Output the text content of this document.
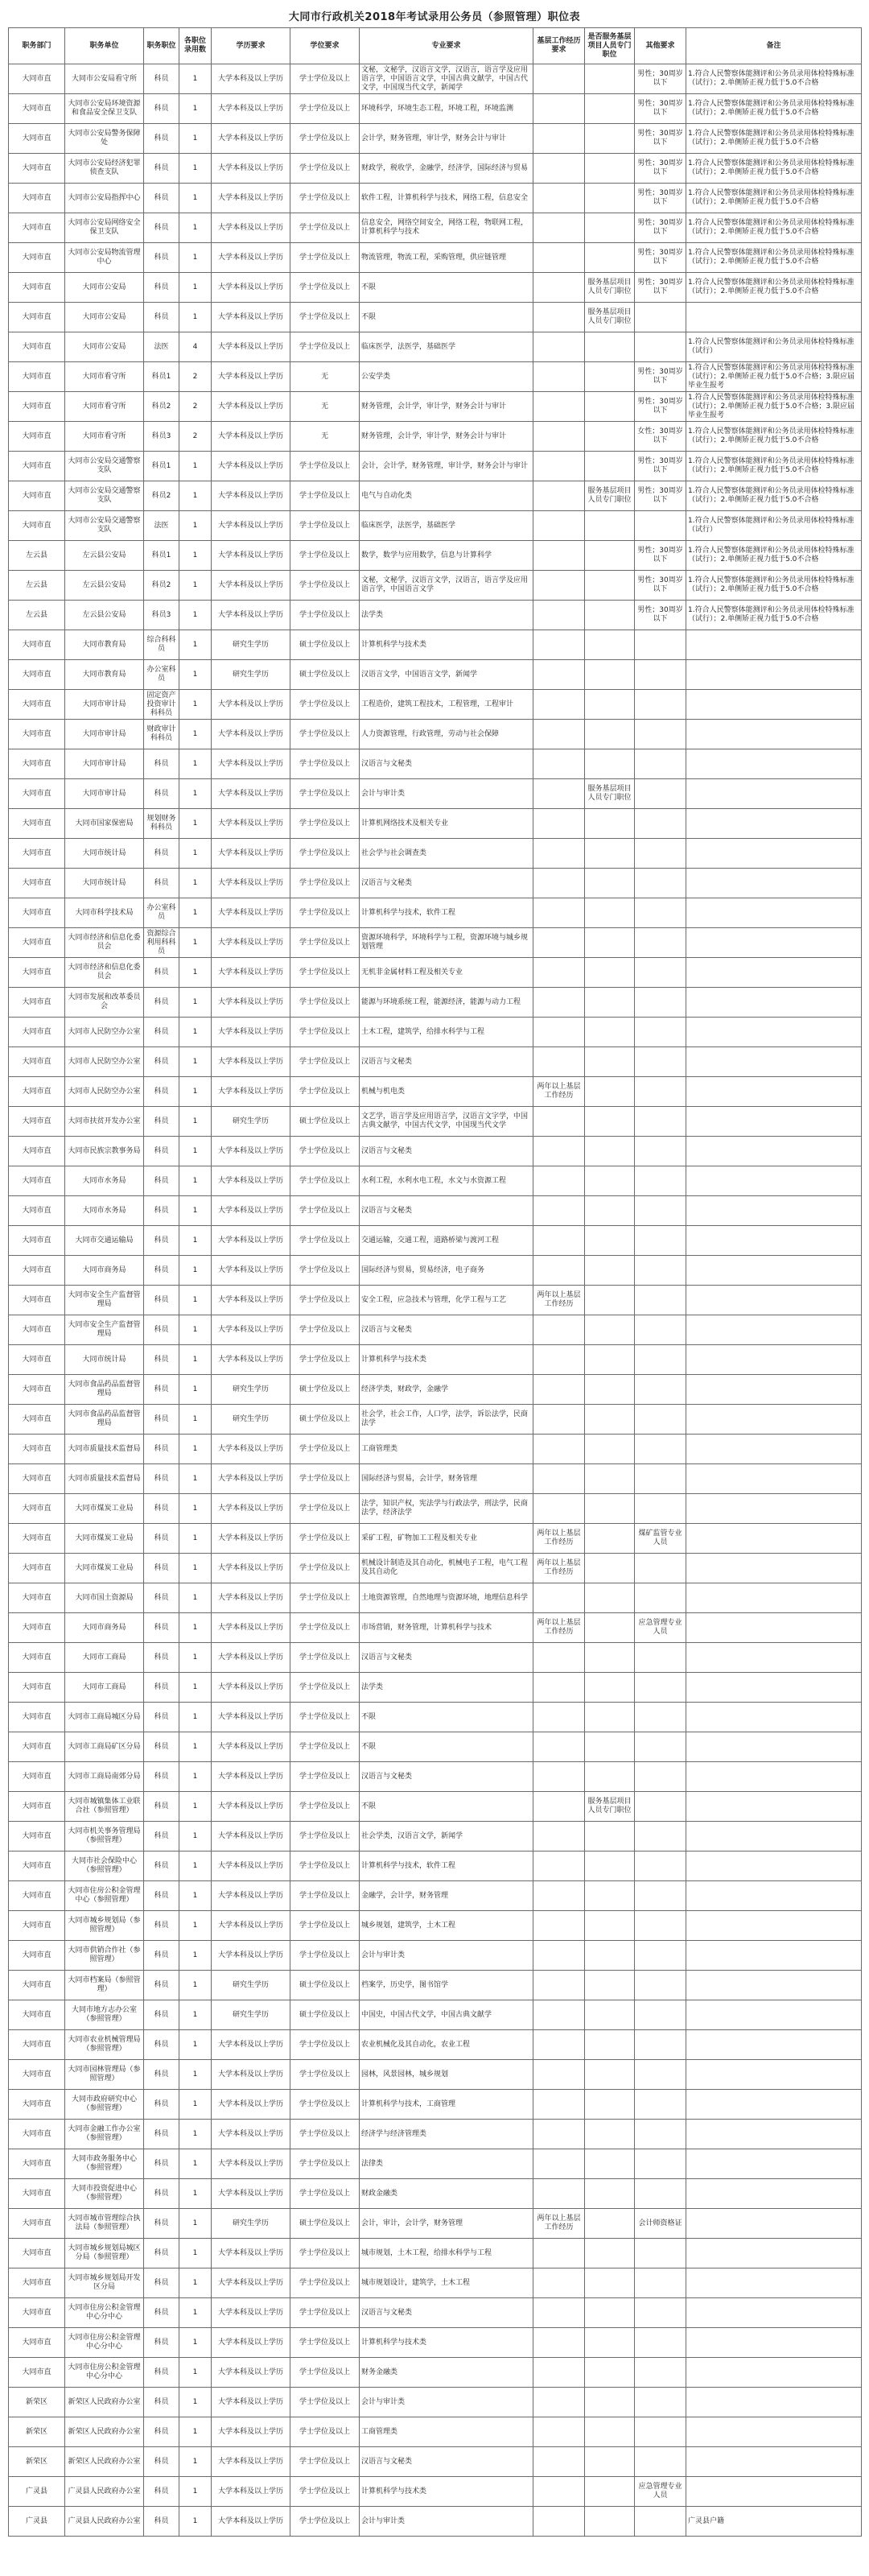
大同市行政机关2018年考试录用公务员（参照管理）职位表
职务部门	职务单位	职务职位	各职位录用数	学历要求	学位要求	专业要求	基层工作经历要求	是否服务基层项目人员专门职位	其他要求	备注
大同市直	大同市公安局看守所	科员	1	大学本科及以上学历	学士学位及以上	文秘，文秘学，汉语言文学，汉语言，语言学及应用语言学，中国语言文学，中国古典文献学，中国古代文学，中国现当代文学，新闻学			男性；30周岁以下	1.符合人民警察体能测评和公务员录用体检特殊标准（试行）；2.单侧矫正视力低于5.0不合格
大同市直	大同市公安局环境资源和食品安全保卫支队	科员	1	大学本科及以上学历	学士学位及以上	环境科学，环境生态工程，环境工程，环境监测			男性；30周岁以下	1.符合人民警察体能测评和公务员录用体检特殊标准（试行）；2.单侧矫正视力低于5.0不合格
大同市直	大同市公安局警务保障处	科员	1	大学本科及以上学历	学士学位及以上	会计学，财务管理，审计学，财务会计与审计			男性；30周岁以下	1.符合人民警察体能测评和公务员录用体检特殊标准（试行）；2.单侧矫正视力低于5.0不合格
大同市直	大同市公安局经济犯罪侦查支队	科员	1	大学本科及以上学历	学士学位及以上	财政学，税收学，金融学，经济学，国际经济与贸易			男性；30周岁以下	1.符合人民警察体能测评和公务员录用体检特殊标准（试行）；2.单侧矫正视力低于5.0不合格
大同市直	大同市公安局指挥中心	科员	1	大学本科及以上学历	学士学位及以上	软件工程，计算机科学与技术，网络工程，信息安全			男性；30周岁以下	1.符合人民警察体能测评和公务员录用体检特殊标准（试行）；2.单侧矫正视力低于5.0不合格
大同市直	大同市公安局网络安全保卫支队	科员	1	大学本科及以上学历	学士学位及以上	信息安全，网络空间安全，网络工程，物联网工程，计算机科学与技术			男性；30周岁以下	1.符合人民警察体能测评和公务员录用体检特殊标准（试行）；2.单侧矫正视力低于5.0不合格
大同市直	大同市公安局物流管理中心	科员	1	大学本科及以上学历	学士学位及以上	物流管理，物流工程，采购管理，供应链管理			男性；30周岁以下	1.符合人民警察体能测评和公务员录用体检特殊标准（试行）；2.单侧矫正视力低于5.0不合格
大同市直	大同市公安局	科员	1	大学本科及以上学历	学士学位及以上	不限		服务基层项目人员专门职位	男性；30周岁以下	1.符合人民警察体能测评和公务员录用体检特殊标准（试行）；2.单侧矫正视力低于5.0不合格
大同市直	大同市公安局	科员	1	大学本科及以上学历	学士学位及以上	不限		服务基层项目人员专门职位		
大同市直	大同市公安局	法医	4	大学本科及以上学历	学士学位及以上	临床医学，法医学，基础医学				1.符合人民警察体能测评和公务员录用体检特殊标准（试行）
大同市直	大同市看守所	科员1	2	大学本科及以上学历	无	公安学类			男性；30周岁以下	1.符合人民警察体能测评和公务员录用体检特殊标准（试行）；2.单侧矫正视力低于5.0不合格；3.限应届毕业生报考
大同市直	大同市看守所	科员2	2	大学本科及以上学历	无	财务管理，会计学，审计学，财务会计与审计			男性；30周岁以下	1.符合人民警察体能测评和公务员录用体检特殊标准（试行）；2.单侧矫正视力低于5.0不合格；3.限应届毕业生报考
大同市直	大同市看守所	科员3	2	大学本科及以上学历	无	财务管理，会计学，审计学，财务会计与审计			女性；30周岁以下	1.符合人民警察体能测评和公务员录用体检特殊标准（试行）；2.单侧矫正视力低于5.0不合格
大同市直	大同市公安局交通警察支队	科员1	1	大学本科及以上学历	学士学位及以上	会计，会计学，财务管理，审计学，财务会计与审计			男性；30周岁以下	1.符合人民警察体能测评和公务员录用体检特殊标准（试行）；2.单侧矫正视力低于5.0不合格
大同市直	大同市公安局交通警察支队	科员2	1	大学本科及以上学历	学士学位及以上	电气与自动化类		服务基层项目人员专门职位	男性；30周岁以下	1.符合人民警察体能测评和公务员录用体检特殊标准（试行）；2.单侧矫正视力低于5.0不合格
大同市直	大同市公安局交通警察支队	法医	1	大学本科及以上学历	学士学位及以上	临床医学，法医学，基础医学				1.符合人民警察体能测评和公务员录用体检特殊标准（试行）
左云县	左云县公安局	科员1	1	大学本科及以上学历	学士学位及以上	数学，数学与应用数学，信息与计算科学			男性；30周岁以下	1.符合人民警察体能测评和公务员录用体检特殊标准（试行）；2.单侧矫正视力低于5.0不合格
左云县	左云县公安局	科员2	1	大学本科及以上学历	学士学位及以上	文秘，文秘学，汉语言文学，汉语言，语言学及应用语言学，中国语言文学			男性；30周岁以下	1.符合人民警察体能测评和公务员录用体检特殊标准（试行）；2.单侧矫正视力低于5.0不合格
左云县	左云县公安局	科员3	1	大学本科及以上学历	学士学位及以上	法学类			男性；30周岁以下	1.符合人民警察体能测评和公务员录用体检特殊标准（试行）；2.单侧矫正视力低于5.0不合格
大同市直	大同市教育局	综合科科员	1	研究生学历	硕士学位及以上	计算机科学与技术类				
大同市直	大同市教育局	办公室科员	1	研究生学历	硕士学位及以上	汉语言文学，中国语言文学，新闻学				
大同市直	大同市审计局	固定资产投资审计科科员	1	大学本科及以上学历	学士学位及以上	工程造价，建筑工程技术，工程管理，工程审计				
大同市直	大同市审计局	财政审计科科员	1	大学本科及以上学历	学士学位及以上	人力资源管理，行政管理，劳动与社会保障				
大同市直	大同市审计局	科员	1	大学本科及以上学历	学士学位及以上	汉语言与文秘类				
大同市直	大同市审计局	科员	1	大学本科及以上学历	学士学位及以上	会计与审计类		服务基层项目人员专门职位		
大同市直	大同市国家保密局	规划财务科科员	1	大学本科及以上学历	学士学位及以上	计算机网络技术及相关专业				
大同市直	大同市统计局	科员	1	大学本科及以上学历	学士学位及以上	社会学与社会调查类				
大同市直	大同市统计局	科员	1	大学本科及以上学历	学士学位及以上	汉语言与文秘类				
大同市直	大同市科学技术局	办公室科员	1	大学本科及以上学历	学士学位及以上	计算机科学与技术，软件工程				
大同市直	大同市经济和信息化委员会	资源综合利用科科员	1	大学本科及以上学历	学士学位及以上	资源环境科学，环境科学与工程，资源环境与城乡规划管理				
大同市直	大同市经济和信息化委员会	科员	1	大学本科及以上学历	学士学位及以上	无机非金属材料工程及相关专业				
大同市直	大同市发展和改革委员会	科员	1	大学本科及以上学历	学士学位及以上	能源与环境系统工程，能源经济，能源与动力工程				
大同市直	大同市人民防空办公室	科员	1	大学本科及以上学历	学士学位及以上	土木工程，建筑学，给排水科学与工程				
大同市直	大同市人民防空办公室	科员	1	大学本科及以上学历	学士学位及以上	汉语言与文秘类				
大同市直	大同市人民防空办公室	科员	1	大学本科及以上学历	学士学位及以上	机械与机电类	两年以上基层工作经历			
大同市直	大同市扶贫开发办公室	科员	1	研究生学历	硕士学位及以上	文艺学，语言学及应用语言学，汉语言文字学，中国古典文献学，中国古代文学，中国现当代文学				
大同市直	大同市民族宗教事务局	科员	1	大学本科及以上学历	学士学位及以上	汉语言与文秘类				
大同市直	大同市水务局	科员	1	大学本科及以上学历	学士学位及以上	水利工程，水利水电工程，水文与水资源工程				
大同市直	大同市水务局	科员	1	大学本科及以上学历	学士学位及以上	汉语言与文秘类				
大同市直	大同市交通运输局	科员	1	大学本科及以上学历	学士学位及以上	交通运输，交通工程，道路桥梁与渡河工程				
大同市直	大同市商务局	科员	1	大学本科及以上学历	学士学位及以上	国际经济与贸易，贸易经济，电子商务				
大同市直	大同市安全生产监督管理局	科员	1	大学本科及以上学历	学士学位及以上	安全工程，应急技术与管理，化学工程与工艺	两年以上基层工作经历			
大同市直	大同市安全生产监督管理局	科员	1	大学本科及以上学历	学士学位及以上	汉语言与文秘类				
大同市直	大同市统计局	科员	1	大学本科及以上学历	学士学位及以上	计算机科学与技术类				
大同市直	大同市食品药品监督管理局	科员	1	研究生学历	硕士学位及以上	经济学类，财政学，金融学				
大同市直	大同市食品药品监督管理局	科员	1	研究生学历	硕士学位及以上	社会学，社会工作，人口学，法学，诉讼法学，民商法学				
大同市直	大同市质量技术监督局	科员	1	大学本科及以上学历	学士学位及以上	工商管理类				
大同市直	大同市质量技术监督局	科员	1	大学本科及以上学历	学士学位及以上	国际经济与贸易，会计学，财务管理				
大同市直	大同市煤炭工业局	科员	1	大学本科及以上学历	学士学位及以上	法学，知识产权，宪法学与行政法学，刑法学，民商法学，经济法学				
大同市直	大同市煤炭工业局	科员	1	大学本科及以上学历	学士学位及以上	采矿工程，矿物加工工程及相关专业	两年以上基层工作经历		煤矿监管专业人员	
大同市直	大同市煤炭工业局	科员	1	大学本科及以上学历	学士学位及以上	机械设计制造及其自动化，机械电子工程，电气工程及其自动化	两年以上基层工作经历			
大同市直	大同市国土资源局	科员	1	大学本科及以上学历	学士学位及以上	土地资源管理，自然地理与资源环境，地理信息科学				
大同市直	大同市商务局	科员	1	大学本科及以上学历	学士学位及以上	市场营销，财务管理，计算机科学与技术	两年以上基层工作经历		应急管理专业人员	
大同市直	大同市工商局	科员	1	大学本科及以上学历	学士学位及以上	汉语言与文秘类				
大同市直	大同市工商局	科员	1	大学本科及以上学历	学士学位及以上	法学类				
大同市直	大同市工商局城区分局	科员	1	大学本科及以上学历	学士学位及以上	不限				
大同市直	大同市工商局矿区分局	科员	1	大学本科及以上学历	学士学位及以上	不限				
大同市直	大同市工商局南郊分局	科员	1	大学本科及以上学历	学士学位及以上	汉语言与文秘类				
大同市直	大同市城镇集体工业联合社（参照管理）	科员	1	大学本科及以上学历	学士学位及以上	不限		服务基层项目人员专门职位		
大同市直	大同市机关事务管理局（参照管理）	科员	1	大学本科及以上学历	学士学位及以上	社会学类，汉语言文学，新闻学				
大同市直	大同市社会保险中心（参照管理）	科员	1	大学本科及以上学历	学士学位及以上	计算机科学与技术，软件工程				
大同市直	大同市住房公积金管理中心（参照管理）	科员	1	大学本科及以上学历	学士学位及以上	金融学，会计学，财务管理				
大同市直	大同市城乡规划局（参照管理）	科员	1	大学本科及以上学历	学士学位及以上	城乡规划，建筑学，土木工程				
大同市直	大同市供销合作社（参照管理）	科员	1	大学本科及以上学历	学士学位及以上	会计与审计类				
大同市直	大同市档案局（参照管理）	科员	1	研究生学历	硕士学位及以上	档案学，历史学，图书馆学				
大同市直	大同市地方志办公室（参照管理）	科员	1	研究生学历	硕士学位及以上	中国史，中国古代文学，中国古典文献学				
大同市直	大同市农业机械管理局（参照管理）	科员	1	大学本科及以上学历	学士学位及以上	农业机械化及其自动化，农业工程				
大同市直	大同市园林管理局（参照管理）	科员	1	大学本科及以上学历	学士学位及以上	园林，风景园林，城乡规划				
大同市直	大同市政府研究中心（参照管理）	科员	1	大学本科及以上学历	学士学位及以上	计算机科学与技术，工商管理				
大同市直	大同市金融工作办公室（参照管理）	科员	1	大学本科及以上学历	学士学位及以上	经济学与经济管理类				
大同市直	大同市政务服务中心（参照管理）	科员	1	大学本科及以上学历	学士学位及以上	法律类				
大同市直	大同市投资促进中心（参照管理）	科员	1	大学本科及以上学历	学士学位及以上	财政金融类				
大同市直	大同市城市管理综合执法局（参照管理）	科员	1	研究生学历	硕士学位及以上	会计，审计，会计学，财务管理	两年以上基层工作经历		会计师资格证	
大同市直	大同市城乡规划局城区分局（参照管理）	科员	1	大学本科及以上学历	学士学位及以上	城市规划，土木工程，给排水科学与工程				
大同市直	大同市城乡规划局开发区分局	科员	1	大学本科及以上学历	学士学位及以上	城市规划设计，建筑学，土木工程				
大同市直	大同市住房公积金管理中心分中心	科员	1	大学本科及以上学历	学士学位及以上	汉语言与文秘类				
大同市直	大同市住房公积金管理中心分中心	科员	1	大学本科及以上学历	学士学位及以上	计算机科学与技术类				
大同市直	大同市住房公积金管理中心分中心	科员	1	大学本科及以上学历	学士学位及以上	财务金融类				
新荣区	新荣区人民政府办公室	科员	1	大学本科及以上学历	学士学位及以上	会计与审计类				
新荣区	新荣区人民政府办公室	科员	1	大学本科及以上学历	学士学位及以上	工商管理类				
新荣区	新荣区人民政府办公室	科员	1	大学本科及以上学历	学士学位及以上	汉语言与文秘类				
广灵县	广灵县人民政府办公室	科员	1	大学本科及以上学历	学士学位及以上	计算机科学与技术类			应急管理专业人员	
广灵县	广灵县人民政府办公室	科员	1	大学本科及以上学历	学士学位及以上	会计与审计类				广灵县户籍
